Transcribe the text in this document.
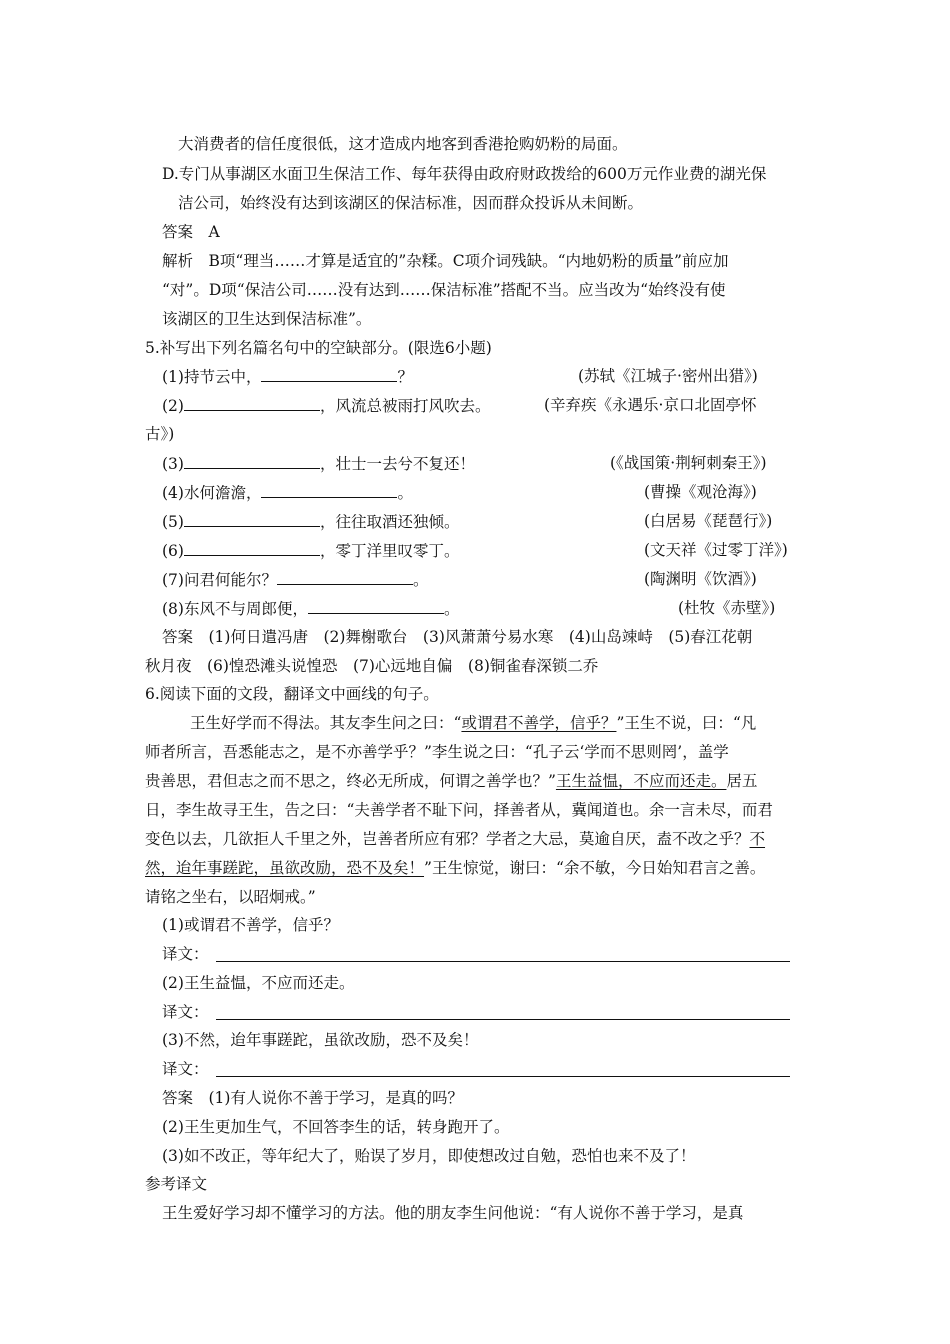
大消费者的信任度很低，这才造成内地客到香港抢购奶粉的局面。
D.专门从事湖区水面卫生保洁工作、每年获得由政府财政拨给的600万元作业费的湖光保
洁公司，始终没有达到该湖区的保洁标准，因而群众投诉从未间断。
答案　A
解析　B项“理当……才算是适宜的”杂糅。C项介词残缺。“内地奶粉的质量”前应加
“对”。D项“保洁公司……没有达到……保洁标准”搭配不当。应当改为“始终没有使
该湖区的卫生达到保洁标准”。
5.补写出下列名篇名句中的空缺部分。(限选6小题)
(1)持节云中，	？	(苏轼《江城子·密州出猎》)
(2)	，风流总被雨打风吹去。	(辛弃疾《永遇乐·京口北固亭怀
古》)
(3)	，壮士一去兮不复还！	(《战国策·荆轲刺秦王》)
(4)水何澹澹，	。	(曹操《观沧海》)
(5)	，往往取酒还独倾。	(白居易《琵琶行》)
(6)	，零丁洋里叹零丁。	(文天祥《过零丁洋》)
(7)问君何能尔？	。	(陶渊明《饮酒》)
(8)东风不与周郎便，	。	(杜牧《赤壁》)
答案　(1)何日遣冯唐　(2)舞榭歌台　(3)风萧萧兮易水寒　(4)山岛竦峙　(5)春江花朝
秋月夜　(6)惶恐滩头说惶恐　(7)心远地自偏　(8)铜雀春深锁二乔
6.阅读下面的文段，翻译文中画线的句子。
王生好学而不得法。其友李生问之曰：“或谓君不善学，信乎？”王生不说，曰：“凡
师者所言，吾悉能志之，是不亦善学乎？”李生说之曰：“孔子云‘学而不思则罔’，盖学
贵善思，君但志之而不思之，终必无所成，何谓之善学也？”王生益愠，不应而还走。居五
日，李生故寻王生，告之曰：“夫善学者不耻下问，择善者从，冀闻道也。余一言未尽，而君
变色以去，几欲拒人千里之外，岂善者所应有邪？学者之大忌，莫逾自厌，盍不改之乎？不
然，迨年事蹉跎，虽欲改励，恐不及矣！”王生惊觉，谢曰：“余不敏，今日始知君言之善。
请铭之坐右，以昭炯戒。”
(1)或谓君不善学，信乎？
译文：
(2)王生益愠，不应而还走。
译文：
(3)不然，迨年事蹉跎，虽欲改励，恐不及矣！
译文：
答案　(1)有人说你不善于学习，是真的吗？
(2)王生更加生气，不回答李生的话，转身跑开了。
(3)如不改正，等年纪大了，贻误了岁月，即使想改过自勉，恐怕也来不及了！
参考译文
王生爱好学习却不懂学习的方法。他的朋友李生问他说：“有人说你不善于学习，是真
